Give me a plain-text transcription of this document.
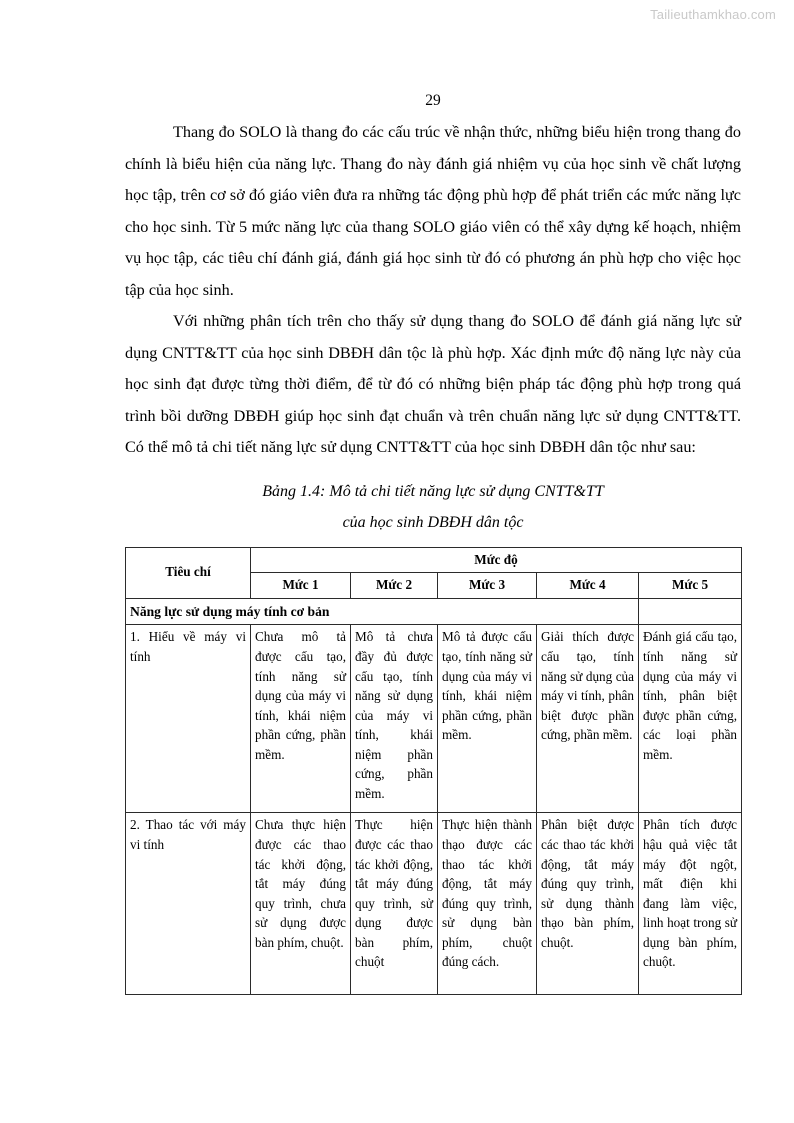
Tailieuthamkhao.com
29

Thang đo SOLO là thang đo các cấu trúc về nhận thức, những biểu hiện trong thang đo chính là biểu hiện của năng lực. Thang đo này đánh giá nhiệm vụ của học sinh về chất lượng học tập, trên cơ sở đó giáo viên đưa ra những tác động phù hợp để phát triển các mức năng lực cho học sinh. Từ 5 mức năng lực của thang SOLO giáo viên có thể xây dựng kế hoạch, nhiệm vụ học tập, các tiêu chí đánh giá, đánh giá học sinh từ đó có phương án phù hợp cho việc học tập của học sinh.

Với những phân tích trên cho thấy sử dụng thang đo SOLO để đánh giá năng lực sử dụng CNTT&TT của học sinh DBĐH dân tộc là phù hợp. Xác định mức độ năng lực này của học sinh đạt được từng thời điểm, để từ đó có những biện pháp tác động phù hợp trong quá trình bồi dưỡng DBĐH giúp học sinh đạt chuẩn và trên chuẩn năng lực sử dụng CNTT&TT. Có thể mô tả chi tiết năng lực sử dụng CNTT&TT của học sinh DBĐH dân tộc như sau:

Bảng 1.4: Mô tả chi tiết năng lực sử dụng CNTT&TT
của học sinh DBĐH dân tộc
Tiêu chí	Mức độ				
	Mức 1	Mức 2	Mức 3	Mức 4	Mức 5
Năng lực sử dụng máy tính cơ bản					
1. Hiểu về máy vi tính	Chưa mô tả được cấu tạo, tính năng sử dụng của máy vi tính, khái niệm phần cứng, phần mềm.	Mô tả chưa đầy đủ được cấu tạo, tính năng sử dụng của máy vi tính, khái niệm phần cứng, phần mềm.	Mô tả được cấu tạo, tính năng sử dụng của máy vi tính, khái niệm phần cứng, phần mềm.	Giải thích được cấu tạo, tính năng sử dụng của máy vi tính, phân biệt được phần cứng, phần mềm.	Đánh giá cấu tạo, tính năng sử dụng của máy vi tính, phân biệt được phần cứng, các loại phần mềm.
2. Thao tác với máy vi tính	Chưa thực hiện được các thao tác khởi động, tắt máy đúng quy trình, chưa sử dụng được bàn phím, chuột.	Thực hiện được các thao tác khởi động, tắt máy đúng quy trình, sử dụng được bàn phím, chuột	Thực hiện thành thạo được các thao tác khởi động, tắt máy đúng quy trình, sử dụng bàn phím, chuột đúng cách.	Phân biệt được các thao tác khởi động, tắt máy đúng quy trình, sử dụng thành thạo bàn phím, chuột.	Phân tích được hậu quả việc tắt máy đột ngột, mất điện khi đang làm việc, linh hoạt trong sử dụng bàn phím, chuột.
